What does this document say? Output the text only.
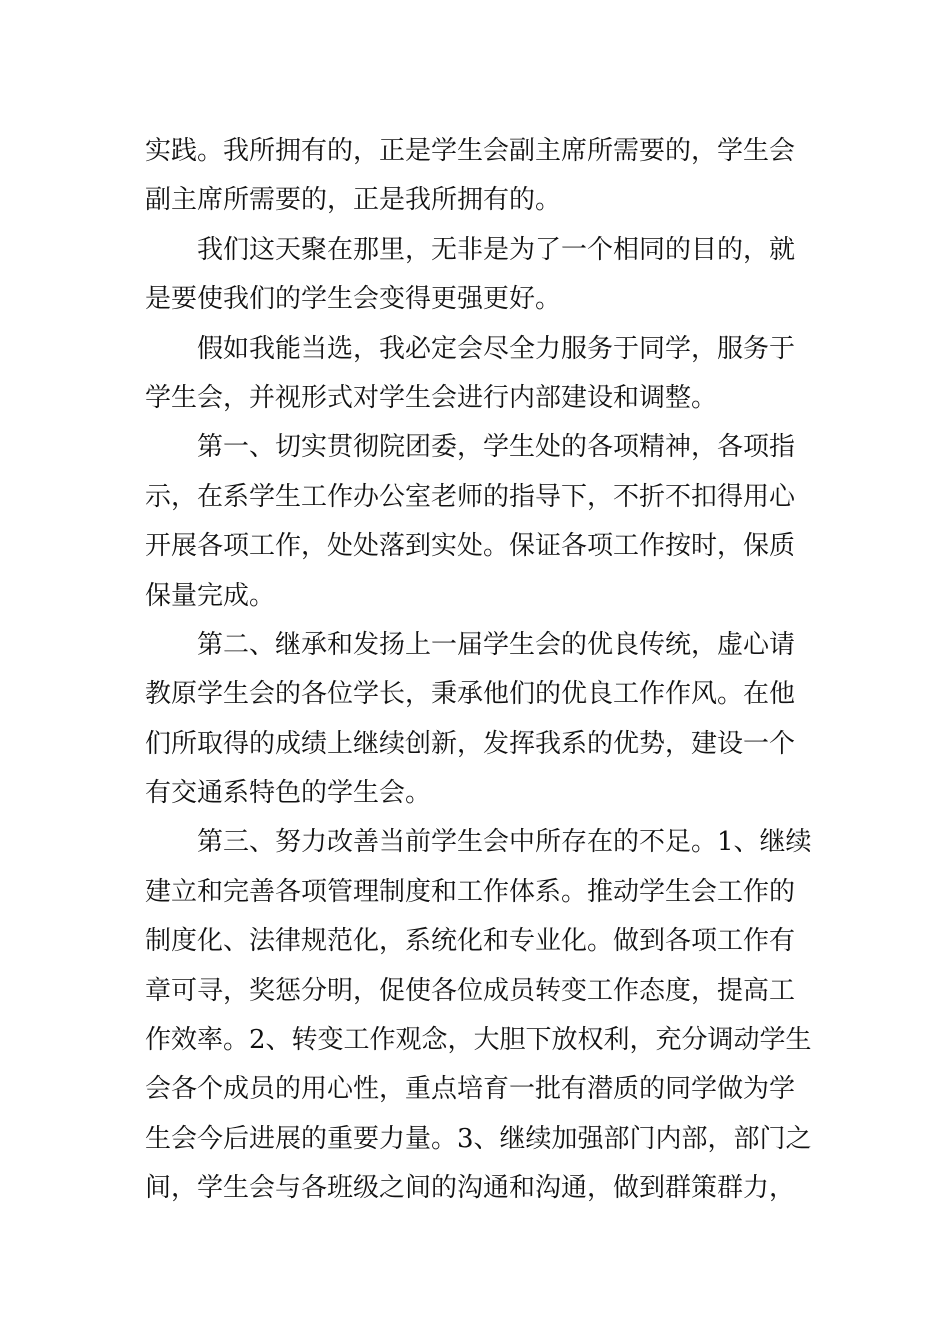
实践。我所拥有的，正是学生会副主席所需要的，学生会
副主席所需要的，正是我所拥有的。
我们这天聚在那里，无非是为了一个相同的目的，就
是要使我们的学生会变得更强更好。
假如我能当选，我必定会尽全力服务于同学，服务于
学生会，并视形式对学生会进行内部建设和调整。
第一、切实贯彻院团委，学生处的各项精神，各项指
示，在系学生工作办公室老师的指导下，不折不扣得用心
开展各项工作，处处落到实处。保证各项工作按时，保质
保量完成。
第二、继承和发扬上一届学生会的优良传统，虚心请
教原学生会的各位学长，秉承他们的优良工作作风。在他
们所取得的成绩上继续创新，发挥我系的优势，建设一个
有交通系特色的学生会。
第三、努力改善当前学生会中所存在的不足。1、继续
建立和完善各项管理制度和工作体系。推动学生会工作的
制度化、法律规范化，系统化和专业化。做到各项工作有
章可寻，奖惩分明，促使各位成员转变工作态度，提高工
作效率。2、转变工作观念，大胆下放权利，充分调动学生
会各个成员的用心性，重点培育一批有潜质的同学做为学
生会今后进展的重要力量。3、继续加强部门内部，部门之
间，学生会与各班级之间的沟通和沟通，做到群策群力，
